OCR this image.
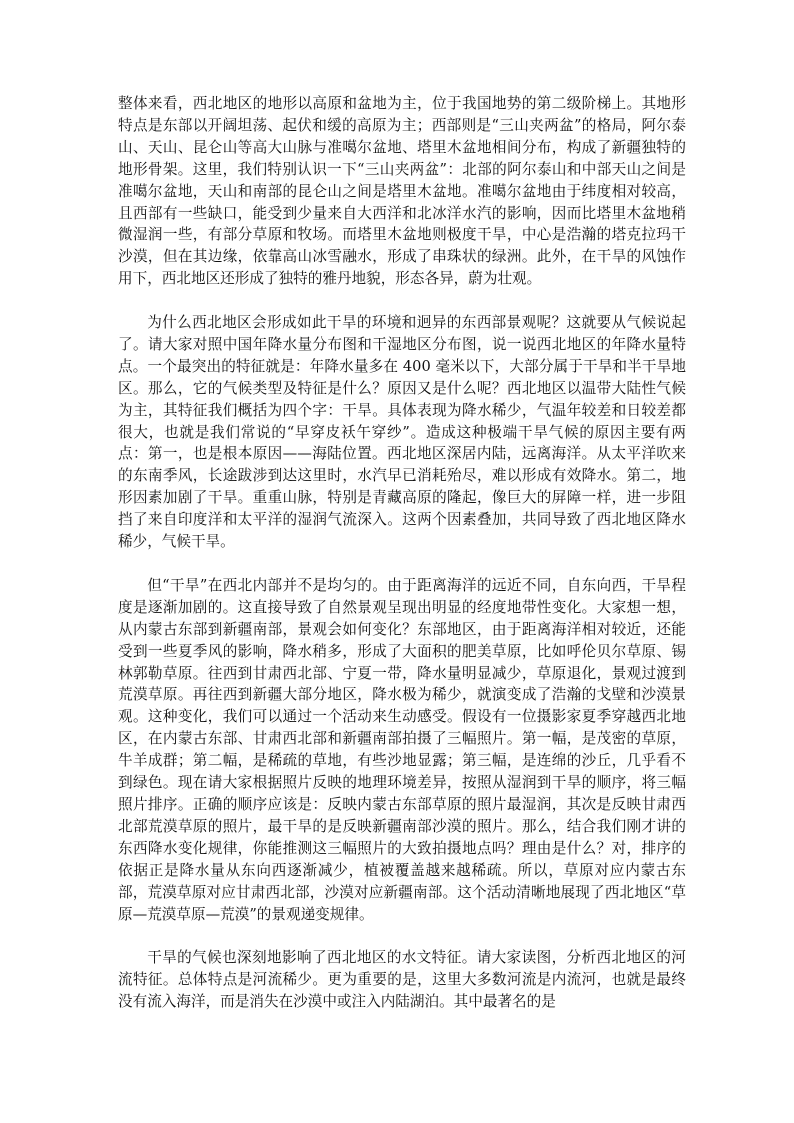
整体来看，西北地区的地形以高原和盆地为主，位于我国地势的第二级阶梯上。其地形特点是东部以开阔坦荡、起伏和缓的高原为主；西部则是“三山夹两盆”的格局，阿尔泰山、天山、昆仑山等高大山脉与准噶尔盆地、塔里木盆地相间分布，构成了新疆独特的地形骨架。这里，我们特别认识一下“三山夹两盆”：北部的阿尔泰山和中部天山之间是准噶尔盆地，天山和南部的昆仑山之间是塔里木盆地。准噶尔盆地由于纬度相对较高，且西部有一些缺口，能受到少量来自大西洋和北冰洋水汽的影响，因而比塔里木盆地稍微湿润一些，有部分草原和牧场。而塔里木盆地则极度干旱，中心是浩瀚的塔克拉玛干沙漠，但在其边缘，依靠高山冰雪融水，形成了串珠状的绿洲。此外，在干旱的风蚀作用下，西北地区还形成了独特的雅丹地貌，形态各异，蔚为壮观。

为什么西北地区会形成如此干旱的环境和迥异的东西部景观呢？这就要从气候说起了。请大家对照中国年降水量分布图和干湿地区分布图，说一说西北地区的年降水量特点。一个最突出的特征就是：年降水量多在 400 毫米以下，大部分属于干旱和半干旱地区。那么，它的气候类型及特征是什么？原因又是什么呢？西北地区以温带大陆性气候为主，其特征我们概括为四个字：干旱。具体表现为降水稀少，气温年较差和日较差都很大，也就是我们常说的“早穿皮袄午穿纱”。造成这种极端干旱气候的原因主要有两点：第一，也是根本原因——海陆位置。西北地区深居内陆，远离海洋。从太平洋吹来的东南季风，长途跋涉到达这里时，水汽早已消耗殆尽，难以形成有效降水。第二，地形因素加剧了干旱。重重山脉，特别是青藏高原的隆起，像巨大的屏障一样，进一步阻挡了来自印度洋和太平洋的湿润气流深入。这两个因素叠加，共同导致了西北地区降水稀少，气候干旱。

但“干旱”在西北内部并不是均匀的。由于距离海洋的远近不同，自东向西，干旱程度是逐渐加剧的。这直接导致了自然景观呈现出明显的经度地带性变化。大家想一想，从内蒙古东部到新疆南部，景观会如何变化？东部地区，由于距离海洋相对较近，还能受到一些夏季风的影响，降水稍多，形成了大面积的肥美草原，比如呼伦贝尔草原、锡林郭勒草原。往西到甘肃西北部、宁夏一带，降水量明显减少，草原退化，景观过渡到荒漠草原。再往西到新疆大部分地区，降水极为稀少，就演变成了浩瀚的戈壁和沙漠景观。这种变化，我们可以通过一个活动来生动感受。假设有一位摄影家夏季穿越西北地区，在内蒙古东部、甘肃西北部和新疆南部拍摄了三幅照片。第一幅，是茂密的草原，牛羊成群；第二幅，是稀疏的草地，有些沙地显露；第三幅，是连绵的沙丘，几乎看不到绿色。现在请大家根据照片反映的地理环境差异，按照从湿润到干旱的顺序，将三幅照片排序。正确的顺序应该是：反映内蒙古东部草原的照片最湿润，其次是反映甘肃西北部荒漠草原的照片，最干旱的是反映新疆南部沙漠的照片。那么，结合我们刚才讲的东西降水变化规律，你能推测这三幅照片的大致拍摄地点吗？理由是什么？对，排序的依据正是降水量从东向西逐渐减少，植被覆盖越来越稀疏。所以，草原对应内蒙古东部，荒漠草原对应甘肃西北部，沙漠对应新疆南部。这个活动清晰地展现了西北地区“草原—荒漠草原—荒漠”的景观递变规律。

干旱的气候也深刻地影响了西北地区的水文特征。请大家读图，分析西北地区的河流特征。总体特点是河流稀少。更为重要的是，这里大多数河流是内流河，也就是最终没有流入海洋，而是消失在沙漠中或注入内陆湖泊。其中最著名的是
